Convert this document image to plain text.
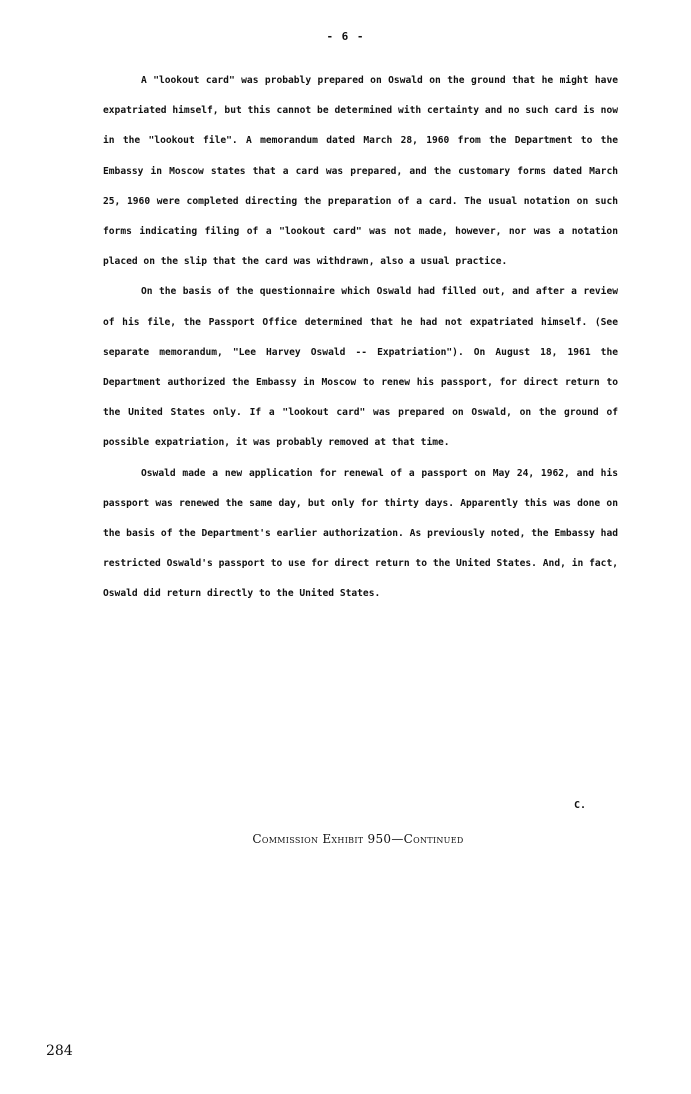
- 6 -

A "lookout card" was probably prepared on Oswald on the ground that he might have expatriated himself, but this cannot be determined with certainty and no such card is now in the "lookout file". A memorandum dated March 28, 1960 from the Department to the Embassy in Moscow states that a card was prepared, and the customary forms dated March 25, 1960 were completed directing the preparation of a card. The usual notation on such forms indicating filing of a "lookout card" was not made, however, nor was a notation placed on the slip that the card was withdrawn, also a usual practice.

On the basis of the questionnaire which Oswald had filled out, and after a review of his file, the Passport Office determined that he had not expatriated himself. (See separate memorandum, "Lee Harvey Oswald -- Expatriation"). On August 18, 1961 the Department authorized the Embassy in Moscow to renew his passport, for direct return to the United States only. If a "lookout card" was prepared on Oswald, on the ground of possible expatriation, it was probably removed at that time.

Oswald made a new application for renewal of a passport on May 24, 1962, and his passport was renewed the same day, but only for thirty days. Apparently this was done on the basis of the Department's earlier authorization. As previously noted, the Embassy had restricted Oswald's passport to use for direct return to the United States. And, in fact, Oswald did return directly to the United States.

C.
Commission Exhibit 950—Continued
284
